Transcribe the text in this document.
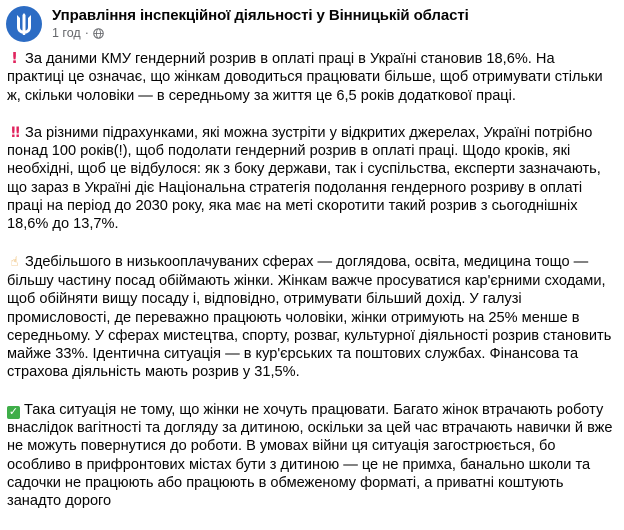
Управління інспекційної діяльності у Вінницькій області
1 год ·

! За даними КМУ гендерний розрив в оплаті праці в Україні становив 18,6%. На практиці це означає, що жінкам доводиться працювати більше, щоб отримувати стільки ж, скільки чоловіки — в середньому за життя це 6,5 років додаткової праці.

!! За різними підрахунками, які можна зустріти у відкритих джерелах, Україні потрібно понад 100 років(!), щоб подолати гендерний розрив в оплаті праці. Щодо кроків, які необхідні, щоб це відбулося: як з боку держави, так і суспільства, експерти зазначають, що зараз в Україні діє Національна стратегія подолання гендерного розриву в оплаті праці на період до 2030 року, яка має на меті скоротити такий розрив з сьогоднішніх 18,6% до 13,7%.

☝ Здебільшого в низькооплачуваних сферах — доглядова, освіта, медицина тощо — більшу частину посад обіймають жінки. Жінкам важче просуватися кар'єрними сходами, щоб обійняти вищу посаду і, відповідно, отримувати більший дохід. У галузі промисловості, де переважно працюють чоловіки, жінки отримують на 25% менше в середньому. У сферах мистецтва, спорту, розваг, культурної діяльності розрив становить майже 33%. Ідентична ситуація — в кур'єрських та поштових службах. Фінансова та страхова діяльність мають розрив у 31,5%.

✓ Така ситуація не тому, що жінки не хочуть працювати. Багато жінок втрачають роботу внаслідок вагітності та догляду за дитиною, оскільки за цей час втрачають навички й вже не можуть повернутися до роботи. В умовах війни ця ситуація загострюється, бо особливо в прифронтових містах бути з дитиною — це не примха, банально школи та садочки не працюють або працюють в обмеженому форматі, а приватні коштують занадто дорого
